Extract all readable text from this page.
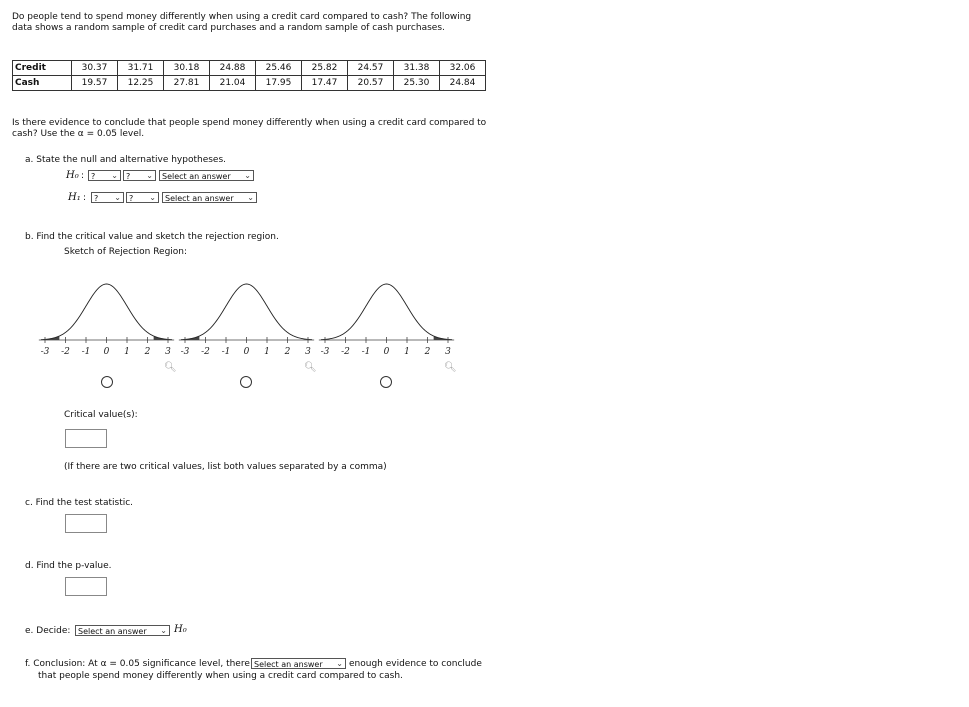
Do people tend to spend money differently when using a credit card compared to cash? The following
data shows a random sample of credit card purchases and a random sample of cash purchases.
Credit	30.37	31.71	30.18	24.88	25.46	25.82	24.57	31.38	32.06
Cash	19.57	12.25	27.81	21.04	17.95	17.47	20.57	25.30	24.84
Is there evidence to conclude that people spend money differently when using a credit card compared to
cash? Use the α = 0.05 level.
a. State the null and alternative hypotheses.
H₀ : ? ⌄	? ⌄	Select an answer ⌄
H₁ : ? ⌄	? ⌄	Select an answer ⌄
b. Find the critical value and sketch the rejection region.
Sketch of Rejection Region:
-3 -2 -1 0 1 2 3 -3 -2 -1 0 1 2 3 -3 -2 -1 0 1 2 3
🔍︎	🔍︎	🔍︎
Critical value(s):
(If there are two critical values, list both values separated by a comma)
c. Find the test statistic.
d. Find the p-value.
e. Decide: Select an answer ⌄ H₀
f. Conclusion: At α = 0.05 significance level, there Select an answer ⌄ enough evidence to conclude
that people spend money differently when using a credit card compared to cash.
